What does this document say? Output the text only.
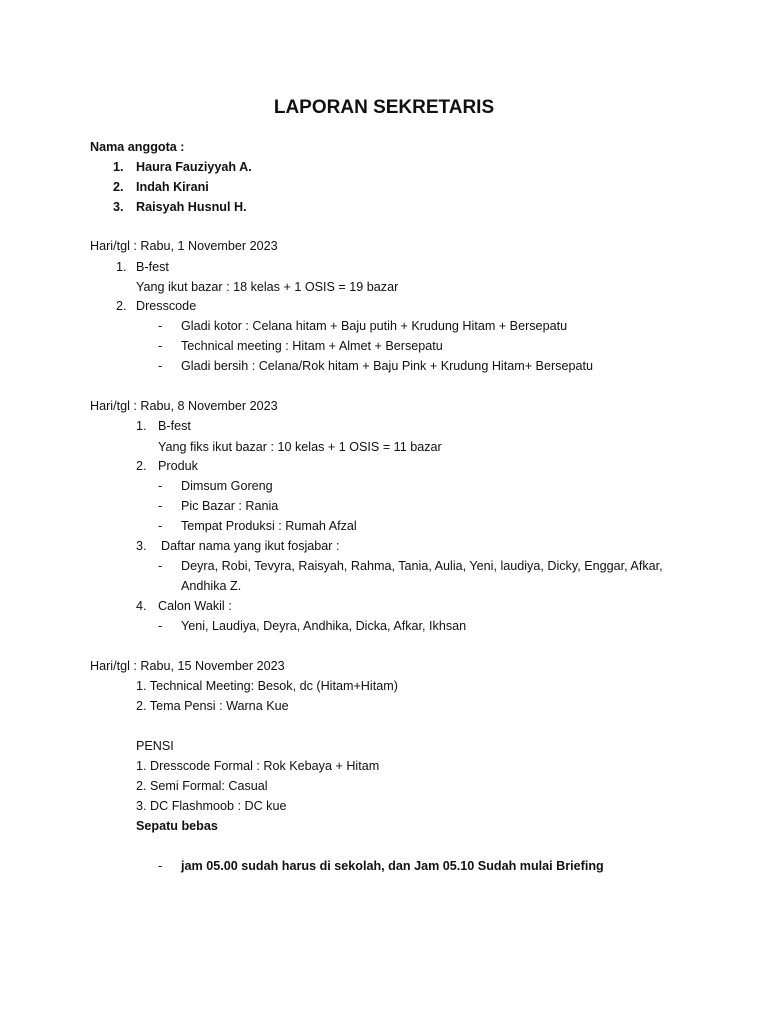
LAPORAN SEKRETARIS
Nama anggota :
1. Haura Fauziyyah A.
2. Indah Kirani
3. Raisyah Husnul H.
Hari/tgl : Rabu, 1 November 2023
1. B-fest
Yang ikut bazar : 18 kelas + 1 OSIS = 19 bazar
2. Dresscode
- Gladi kotor : Celana hitam + Baju putih + Krudung Hitam + Bersepatu
- Technical meeting : Hitam + Almet + Bersepatu
- Gladi bersih : Celana/Rok hitam + Baju Pink + Krudung Hitam+ Bersepatu
Hari/tgl : Rabu, 8 November 2023
1. B-fest
Yang fiks ikut bazar : 10 kelas + 1 OSIS = 11 bazar
2. Produk
- Dimsum Goreng
- Pic Bazar : Rania
- Tempat Produksi : Rumah Afzal
3. Daftar nama yang ikut fosjabar :
- Deyra, Robi, Tevyra, Raisyah, Rahma, Tania, Aulia, Yeni, laudiya, Dicky, Enggar, Afkar,
Andhika Z.
4. Calon Wakil :
- Yeni, Laudiya, Deyra, Andhika, Dicka, Afkar, Ikhsan
Hari/tgl : Rabu, 15 November 2023
1. Technical Meeting: Besok, dc (Hitam+Hitam)
2. Tema Pensi : Warna Kue
PENSI
1. Dresscode Formal : Rok Kebaya + Hitam
2. Semi Formal: Casual
3. DC Flashmoob : DC kue
Sepatu bebas
- jam 05.00 sudah harus di sekolah, dan Jam 05.10 Sudah mulai Briefing
